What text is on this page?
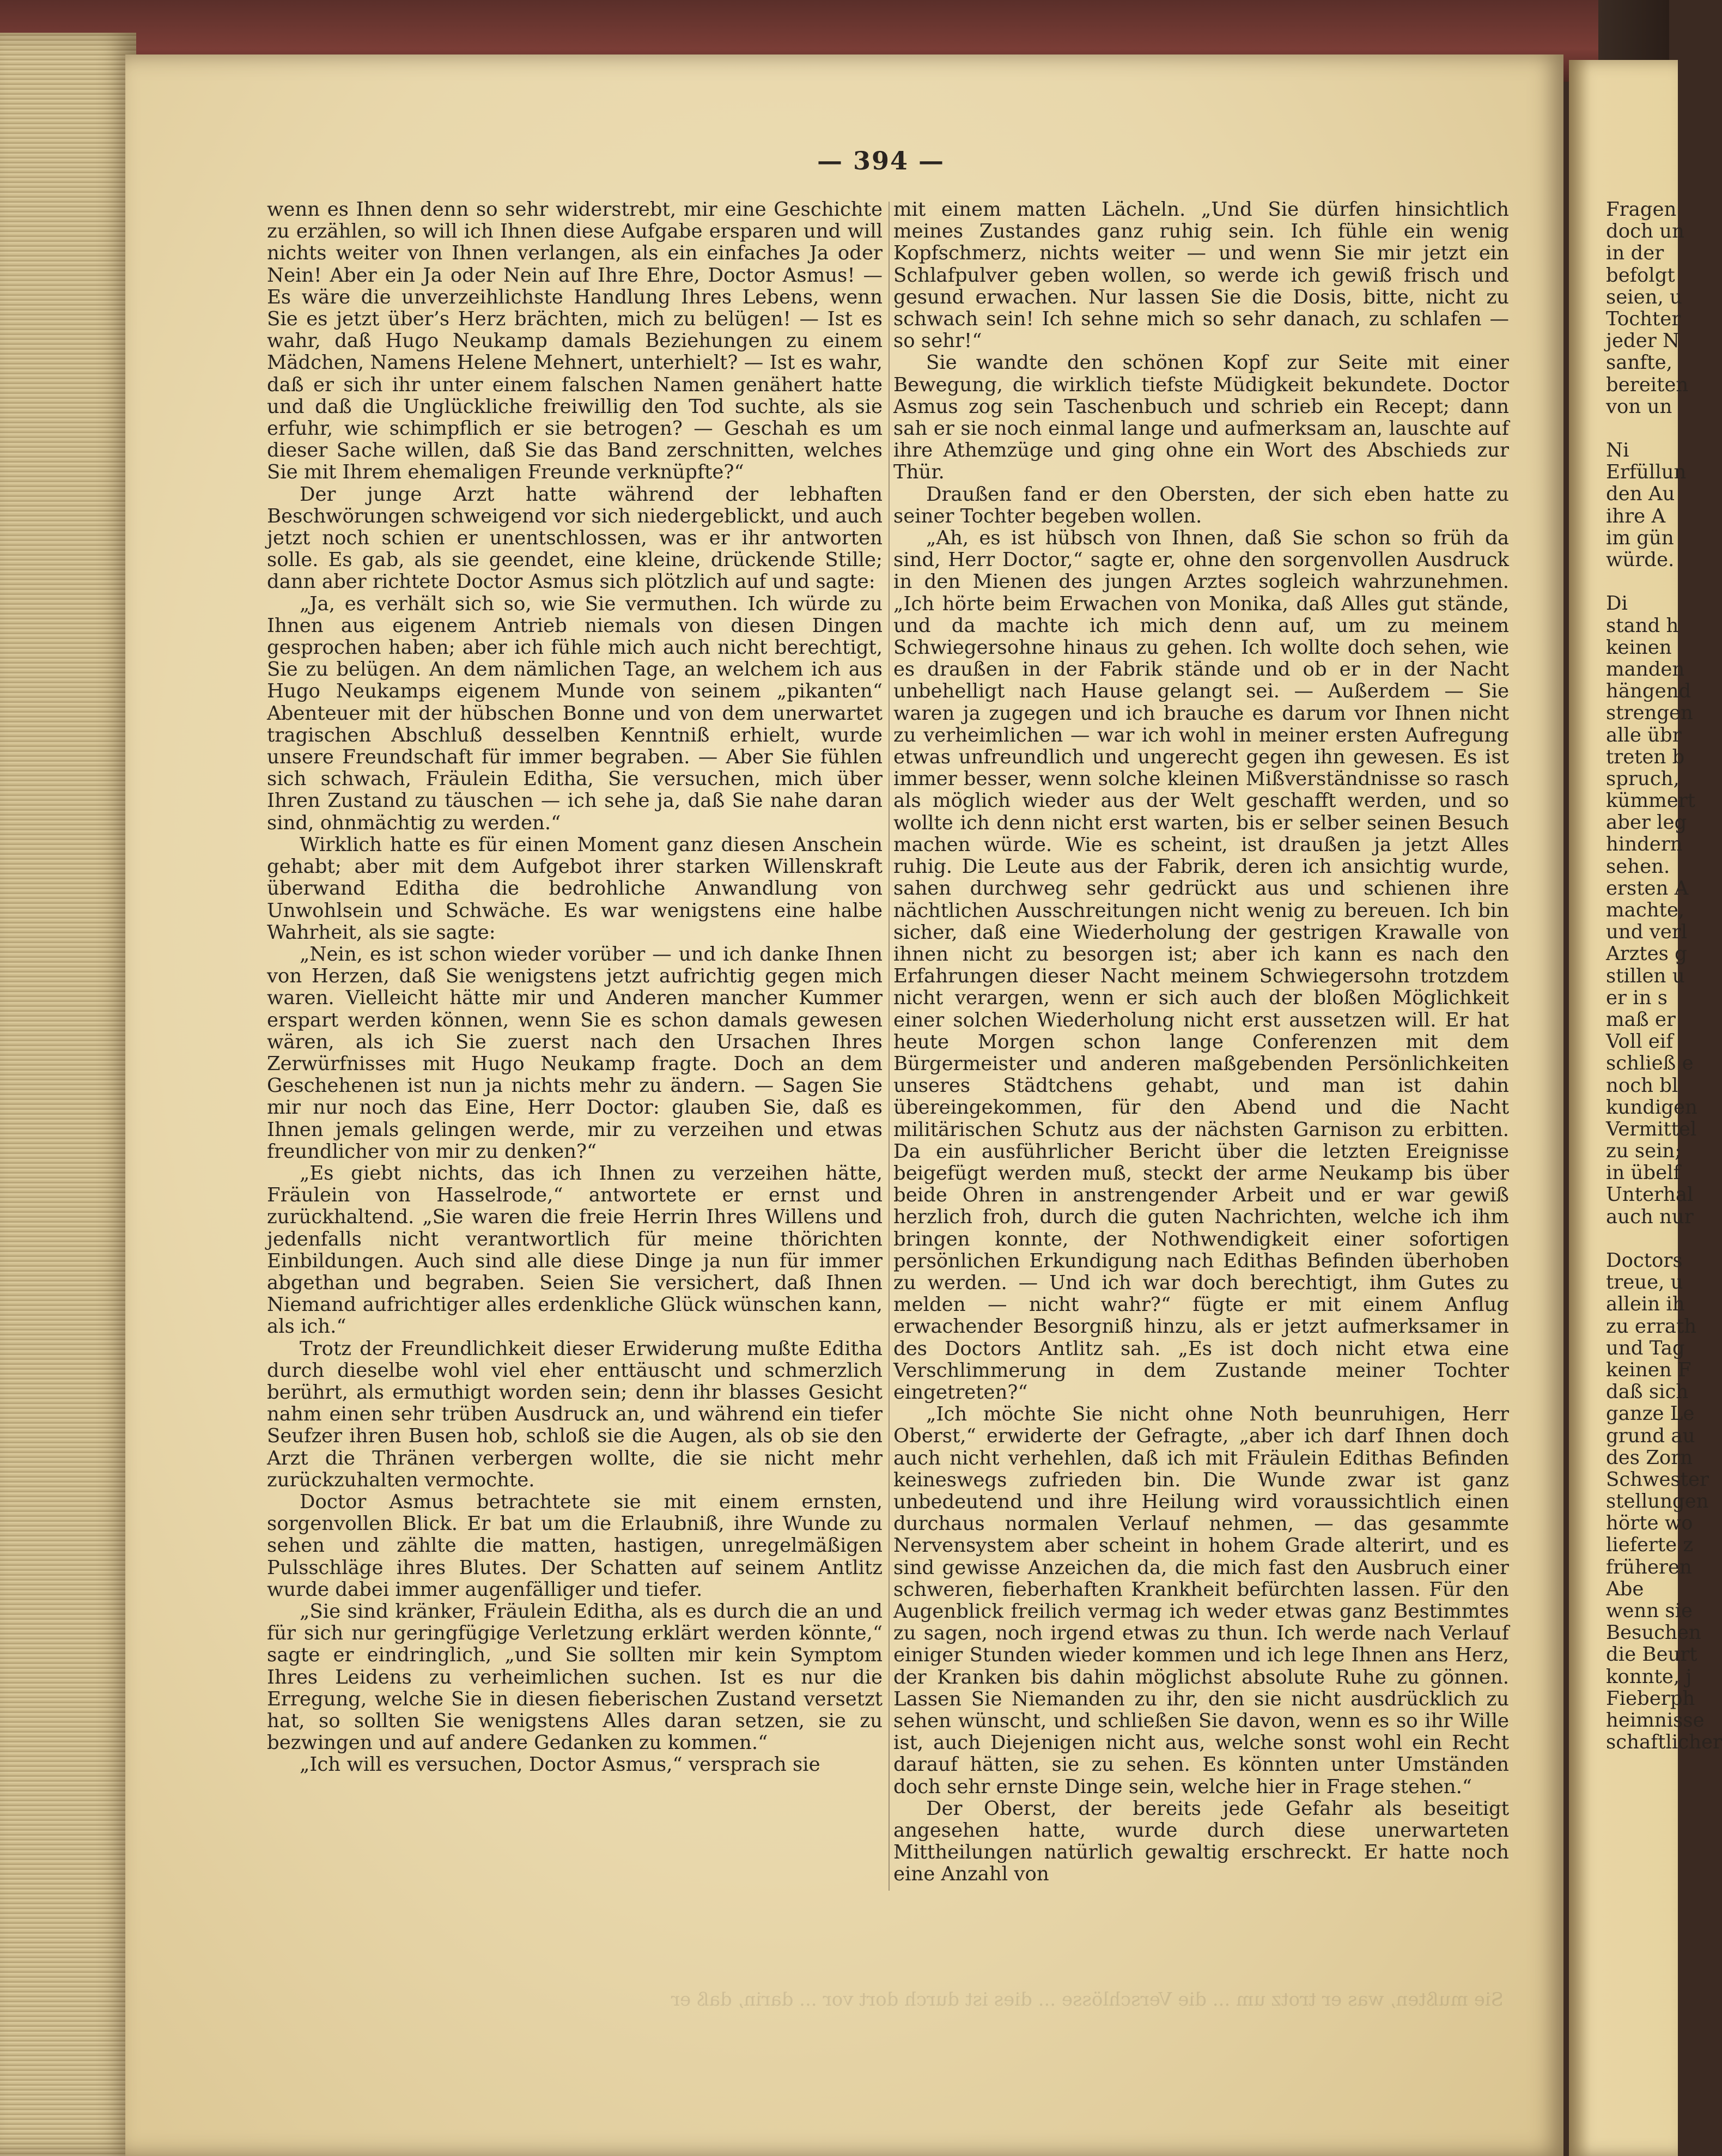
— 394 —

wenn es Ihnen denn so sehr widerstrebt, mir eine Geschichte zu erzählen, so will ich Ihnen diese Aufgabe ersparen und will nichts weiter von Ihnen verlangen, als ein einfaches Ja oder Nein! Aber ein Ja oder Nein auf Ihre Ehre, Doctor Asmus! — Es wäre die unverzeihlichste Handlung Ihres Lebens, wenn Sie es jetzt über’s Herz brächten, mich zu belügen! — Ist es wahr, daß Hugo Neukamp damals Beziehungen zu einem Mädchen, Namens Helene Mehnert, unterhielt? — Ist es wahr, daß er sich ihr unter einem falschen Namen genähert hatte und daß die Unglückliche freiwillig den Tod suchte, als sie erfuhr, wie schimpflich er sie betrogen? — Geschah es um dieser Sache willen, daß Sie das Band zerschnitten, welches Sie mit Ihrem ehemaligen Freunde verknüpfte?“

Der junge Arzt hatte während der lebhaften Beschwörungen schweigend vor sich niedergeblickt, und auch jetzt noch schien er unentschlossen, was er ihr antworten solle. Es gab, als sie geendet, eine kleine, drückende Stille; dann aber richtete Doctor Asmus sich plötzlich auf und sagte:

„Ja, es verhält sich so, wie Sie vermuthen. Ich würde zu Ihnen aus eigenem Antrieb niemals von diesen Dingen gesprochen haben; aber ich fühle mich auch nicht berechtigt, Sie zu belügen. An dem nämlichen Tage, an welchem ich aus Hugo Neukamps eigenem Munde von seinem „pikanten“ Abenteuer mit der hübschen Bonne und von dem unerwartet tragischen Abschluß desselben Kenntniß erhielt, wurde unsere Freundschaft für immer begraben. — Aber Sie fühlen sich schwach, Fräulein Editha, Sie versuchen, mich über Ihren Zustand zu täuschen — ich sehe ja, daß Sie nahe daran sind, ohnmächtig zu werden.“

Wirklich hatte es für einen Moment ganz diesen Anschein gehabt; aber mit dem Aufgebot ihrer starken Willenskraft überwand Editha die bedrohliche Anwandlung von Unwohlsein und Schwäche. Es war wenigstens eine halbe Wahrheit, als sie sagte:

„Nein, es ist schon wieder vorüber — und ich danke Ihnen von Herzen, daß Sie wenigstens jetzt aufrichtig gegen mich waren. Vielleicht hätte mir und Anderen mancher Kummer erspart werden können, wenn Sie es schon damals gewesen wären, als ich Sie zuerst nach den Ursachen Ihres Zerwürfnisses mit Hugo Neukamp fragte. Doch an dem Geschehenen ist nun ja nichts mehr zu ändern. — Sagen Sie mir nur noch das Eine, Herr Doctor: glauben Sie, daß es Ihnen jemals gelingen werde, mir zu verzeihen und etwas freundlicher von mir zu denken?“

„Es giebt nichts, das ich Ihnen zu verzeihen hätte, Fräulein von Hasselrode,“ antwortete er ernst und zurückhaltend. „Sie waren die freie Herrin Ihres Willens und jedenfalls nicht verantwortlich für meine thörichten Einbildungen. Auch sind alle diese Dinge ja nun für immer abgethan und begraben. Seien Sie versichert, daß Ihnen Niemand aufrichtiger alles erdenkliche Glück wünschen kann, als ich.“

Trotz der Freundlichkeit dieser Erwiderung mußte Editha durch dieselbe wohl viel eher enttäuscht und schmerzlich berührt, als ermuthigt worden sein; denn ihr blasses Gesicht nahm einen sehr trüben Ausdruck an, und während ein tiefer Seufzer ihren Busen hob, schloß sie die Augen, als ob sie den Arzt die Thränen verbergen wollte, die sie nicht mehr zurückzuhalten vermochte.

Doctor Asmus betrachtete sie mit einem ernsten, sorgenvollen Blick. Er bat um die Erlaubniß, ihre Wunde zu sehen und zählte die matten, hastigen, unregelmäßigen Pulsschläge ihres Blutes. Der Schatten auf seinem Antlitz wurde dabei immer augenfälliger und tiefer.

„Sie sind kränker, Fräulein Editha, als es durch die an und für sich nur geringfügige Verletzung erklärt werden könnte,“ sagte er eindringlich, „und Sie sollten mir kein Symptom Ihres Leidens zu verheimlichen suchen. Ist es nur die Erregung, welche Sie in diesen fieberischen Zustand versetzt hat, so sollten Sie wenigstens Alles daran setzen, sie zu bezwingen und auf andere Gedanken zu kommen.“

„Ich will es versuchen, Doctor Asmus,“ versprach sie

mit einem matten Lächeln. „Und Sie dürfen hinsichtlich meines Zustandes ganz ruhig sein. Ich fühle ein wenig Kopfschmerz, nichts weiter — und wenn Sie mir jetzt ein Schlafpulver geben wollen, so werde ich gewiß frisch und gesund erwachen. Nur lassen Sie die Dosis, bitte, nicht zu schwach sein! Ich sehne mich so sehr danach, zu schlafen — so sehr!“

Sie wandte den schönen Kopf zur Seite mit einer Bewegung, die wirklich tiefste Müdigkeit bekundete. Doctor Asmus zog sein Taschenbuch und schrieb ein Recept; dann sah er sie noch einmal lange und aufmerksam an, lauschte auf ihre Athemzüge und ging ohne ein Wort des Abschieds zur Thür.

Draußen fand er den Obersten, der sich eben hatte zu seiner Tochter begeben wollen.

„Ah, es ist hübsch von Ihnen, daß Sie schon so früh da sind, Herr Doctor,“ sagte er, ohne den sorgenvollen Ausdruck in den Mienen des jungen Arztes sogleich wahrzunehmen. „Ich hörte beim Erwachen von Monika, daß Alles gut stände, und da machte ich mich denn auf, um zu meinem Schwiegersohne hinaus zu gehen. Ich wollte doch sehen, wie es draußen in der Fabrik stände und ob er in der Nacht unbehelligt nach Hause gelangt sei. — Außerdem — Sie waren ja zugegen und ich brauche es darum vor Ihnen nicht zu verheimlichen — war ich wohl in meiner ersten Aufregung etwas unfreundlich und ungerecht gegen ihn gewesen. Es ist immer besser, wenn solche kleinen Mißverständnisse so rasch als möglich wieder aus der Welt geschafft werden, und so wollte ich denn nicht erst warten, bis er selber seinen Besuch machen würde. Wie es scheint, ist draußen ja jetzt Alles ruhig. Die Leute aus der Fabrik, deren ich ansichtig wurde, sahen durchweg sehr gedrückt aus und schienen ihre nächtlichen Ausschreitungen nicht wenig zu bereuen. Ich bin sicher, daß eine Wiederholung der gestrigen Krawalle von ihnen nicht zu besorgen ist; aber ich kann es nach den Erfahrungen dieser Nacht meinem Schwiegersohn trotzdem nicht verargen, wenn er sich auch der bloßen Möglichkeit einer solchen Wiederholung nicht erst aussetzen will. Er hat heute Morgen schon lange Conferenzen mit dem Bürgermeister und anderen maßgebenden Persönlichkeiten unseres Städtchens gehabt, und man ist dahin übereingekommen, für den Abend und die Nacht militärischen Schutz aus der nächsten Garnison zu erbitten. Da ein ausführlicher Bericht über die letzten Ereignisse beigefügt werden muß, steckt der arme Neukamp bis über beide Ohren in anstrengender Arbeit und er war gewiß herzlich froh, durch die guten Nachrichten, welche ich ihm bringen konnte, der Nothwendigkeit einer sofortigen persönlichen Erkundigung nach Edithas Befinden überhoben zu werden. — Und ich war doch berechtigt, ihm Gutes zu melden — nicht wahr?“ fügte er mit einem Anflug erwachender Besorgniß hinzu, als er jetzt aufmerksamer in des Doctors Antlitz sah. „Es ist doch nicht etwa eine Verschlimmerung in dem Zustande meiner Tochter eingetreten?“

„Ich möchte Sie nicht ohne Noth beunruhigen, Herr Oberst,“ erwiderte der Gefragte, „aber ich darf Ihnen doch auch nicht verhehlen, daß ich mit Fräulein Edithas Befinden keineswegs zufrieden bin. Die Wunde zwar ist ganz unbedeutend und ihre Heilung wird voraussichtlich einen durchaus normalen Verlauf nehmen, — das gesammte Nervensystem aber scheint in hohem Grade alterirt, und es sind gewisse Anzeichen da, die mich fast den Ausbruch einer schweren, fieberhaften Krankheit befürchten lassen. Für den Augenblick freilich vermag ich weder etwas ganz Bestimmtes zu sagen, noch irgend etwas zu thun. Ich werde nach Verlauf einiger Stunden wieder kommen und ich lege Ihnen ans Herz, der Kranken bis dahin möglichst absolute Ruhe zu gönnen. Lassen Sie Niemanden zu ihr, den sie nicht ausdrücklich zu sehen wünscht, und schließen Sie davon, wenn es so ihr Wille ist, auch Diejenigen nicht aus, welche sonst wohl ein Recht darauf hätten, sie zu sehen. Es könnten unter Umständen doch sehr ernste Dinge sein, welche hier in Frage stehen.“

Der Oberst, der bereits jede Gefahr als beseitigt angesehen hatte, wurde durch diese unerwarteten Mittheilungen natürlich gewaltig erschreckt. Er hatte noch eine Anzahl von

Fragen
doch un
in der
befolgt
seien, u
Tochter
jeder N
sanfte,
bereiten
von un
Ni
Erfüllun
den Au
ihre A
im gün
würde.
Di
stand h
keinen
manden
hängend
strengen
alle übr
treten b
spruch,
kümmert
aber leg
hindern
sehen.
ersten A
machte,
und verl
Arztes g
stillen u
er in s
maß er
Voll eif
schließ e
noch bl
kundigen
Vermittel
zu sein;
in übelf
Unterhal
auch nur
Doctors
treue, u
allein ih
zu errath
und Tag
keinen F
daß sich
ganze Le
grund au
des Zorn
Schwester
stellungen
hörte wo
lieferte z
früheren
Abe
wenn sie
Besuchen
die Beurt
konnte, j
Fieberph
heimnisse
schaftlicher
Sie mußten, was er trotz um ... die Verschlösse ... dies ist durch dort vor ... darin, daß er
